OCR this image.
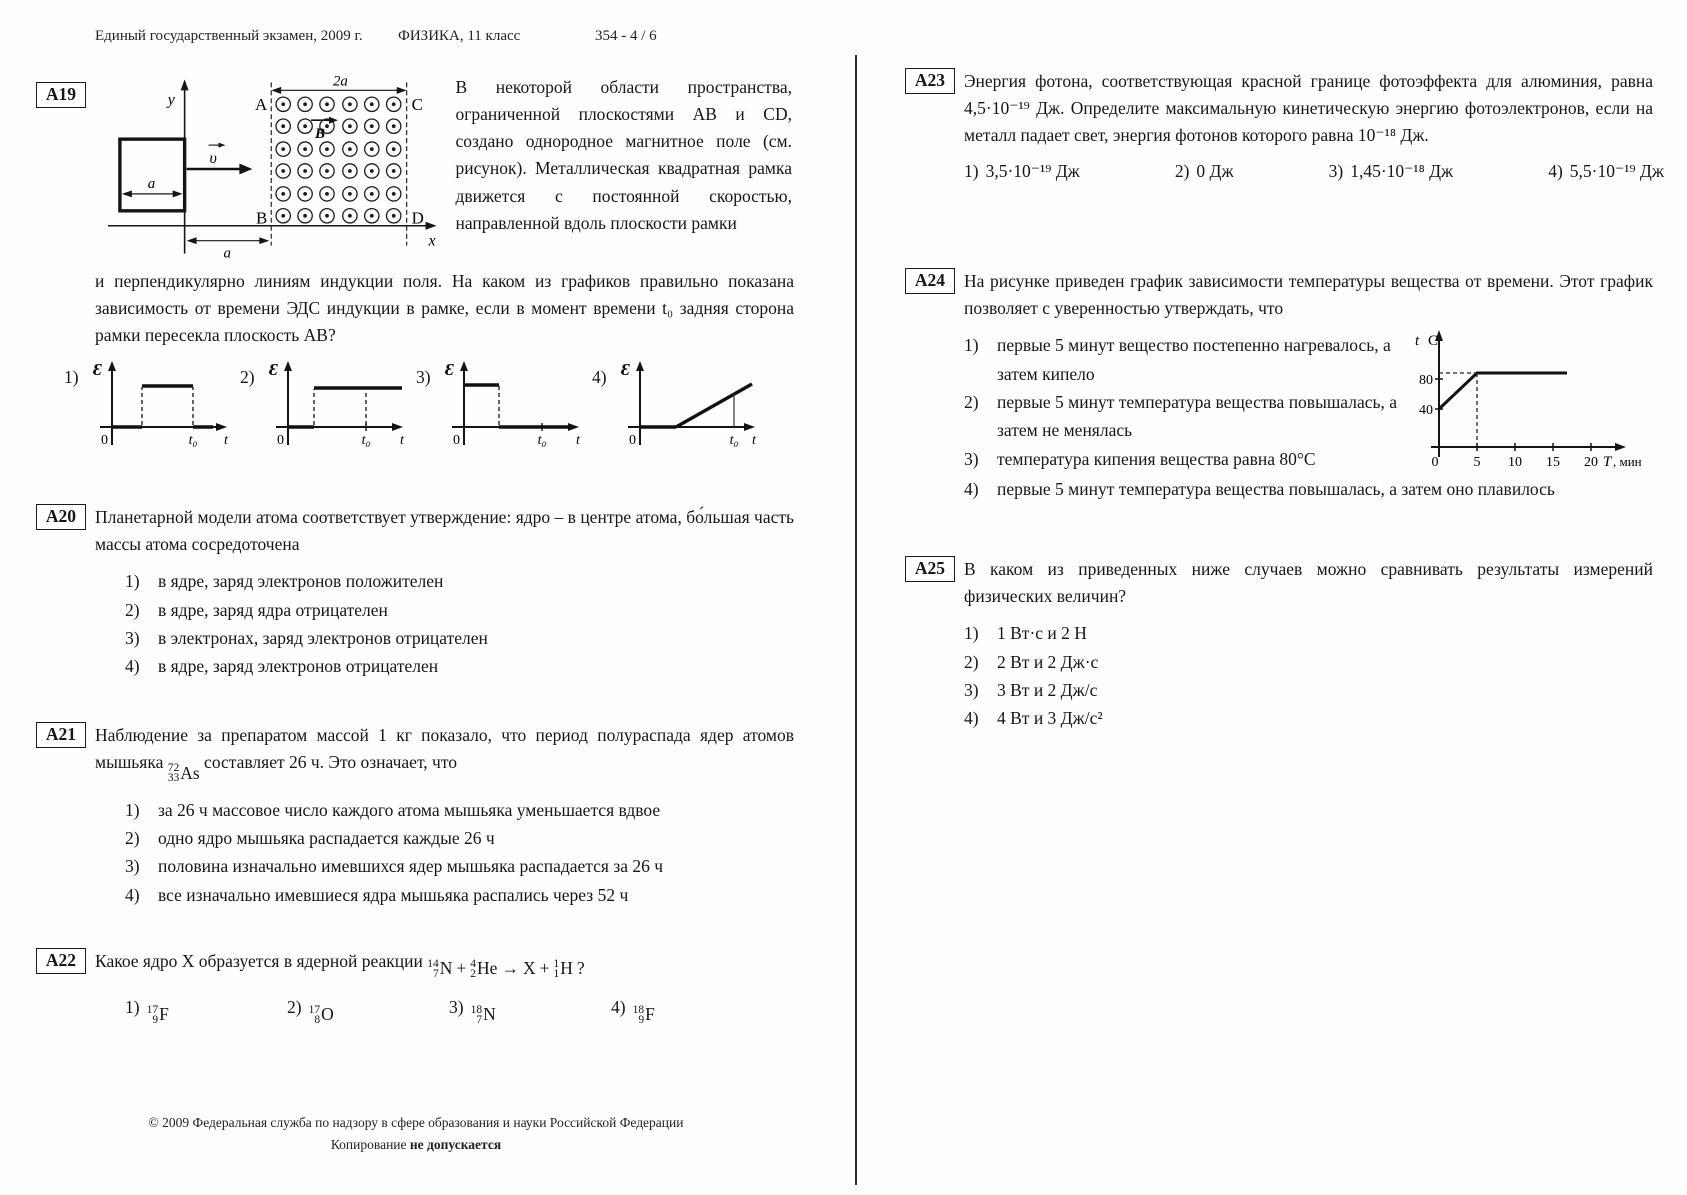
Единый государственный экзамен, 2009 г. ФИЗИКА, 11 класс	354 - 4 / 6
А19	y
x
a
υ
2a
A	C
B	D
B
a

В некоторой области пространства, ограниченной плоскостями АВ и CD, создано однородное магнитное поле (см. рисунок). Металлическая квадратная рамка движется с постоянной скоростью, направленной вдоль плоскости рамки

и перпендикулярно линиям индукции поля. На каком из графиков правильно показана зависимость от времени ЭДС индукции в рамке, если в момент времени t₀ задняя сторона рамки пересекла плоскость АВ?

1) Ɛ
0	t₀ t
2) Ɛ
0	t₀ t
3) Ɛ
0	t₀ t
4) Ɛ
0	t₀ t
А20	Планетарной модели атома соответствует утверждение: ядро – в центре атома, бо́льшая часть массы атома сосредоточена

1)	в ядре, заряд электронов положителен
2)	в ядре, заряд ядра отрицателен
3)	в электронах, заряд электронов отрицателен
4)	в ядре, заряд электронов отрицателен
А21	Наблюдение за препаратом массой 1 кг показало, что период полураспада ядер атомов мышьяка 72
33 As
составляет 26 ч. Это означает, что

1)	за 26 ч массовое число каждого атома мышьяка уменьшается вдвое
2)	одно ядро мышьяка распадается каждые 26 ч
3)	половина изначально имевшихся ядер мышьяка распадается за 26 ч
4)	все изначально имевшиеся ядра мышьяка распались через 52 ч
А22	Какое ядро Х образуется в ядерной реакции 14
7 N + 4
2 He → X + 1
1 H ?

1) 17
9 F	2) 17
8 O	3) 18
7 N	4) 18
9 F
А23	Энергия фотона, соответствующая красной границе фотоэффекта для алюминия, равна 4,5·10⁻¹⁹ Дж. Определите максимальную кинетическую энергию фотоэлектронов, если на металл падает свет, энергия фотонов которого равна 10⁻¹⁸ Дж.

1) 3,5·10⁻¹⁹ Дж	2) 0 Дж	3) 1,45·10⁻¹⁸ Дж	4) 5,5·10⁻¹⁹ Дж
А24	На рисунке приведен график зависимости температуры вещества от времени. Этот график позволяет с уверенностью утверждать, что

1)	первые 5 минут вещество постепенно нагревалось, а затем кипело
2)	первые 5 минут температура вещества повышалась, а затем не менялась
3)	температура кипения вещества равна 80°С
t C
80
40
0	5 10 15 20 T , мин
4)	первые 5 минут температура вещества повышалась, а затем оно плавилось
А25	В каком из приведенных ниже случаев можно сравнивать результаты измерений физических величин?

1)	1 Вт·с и 2 Н
2)	2 Вт и 2 Дж·с
3)	3 Вт и 2 Дж/с
4)	4 Вт и 3 Дж/с²
© 2009 Федеральная служба по надзору в сфере образования и науки Российской Федерации
Копирование не допускается
